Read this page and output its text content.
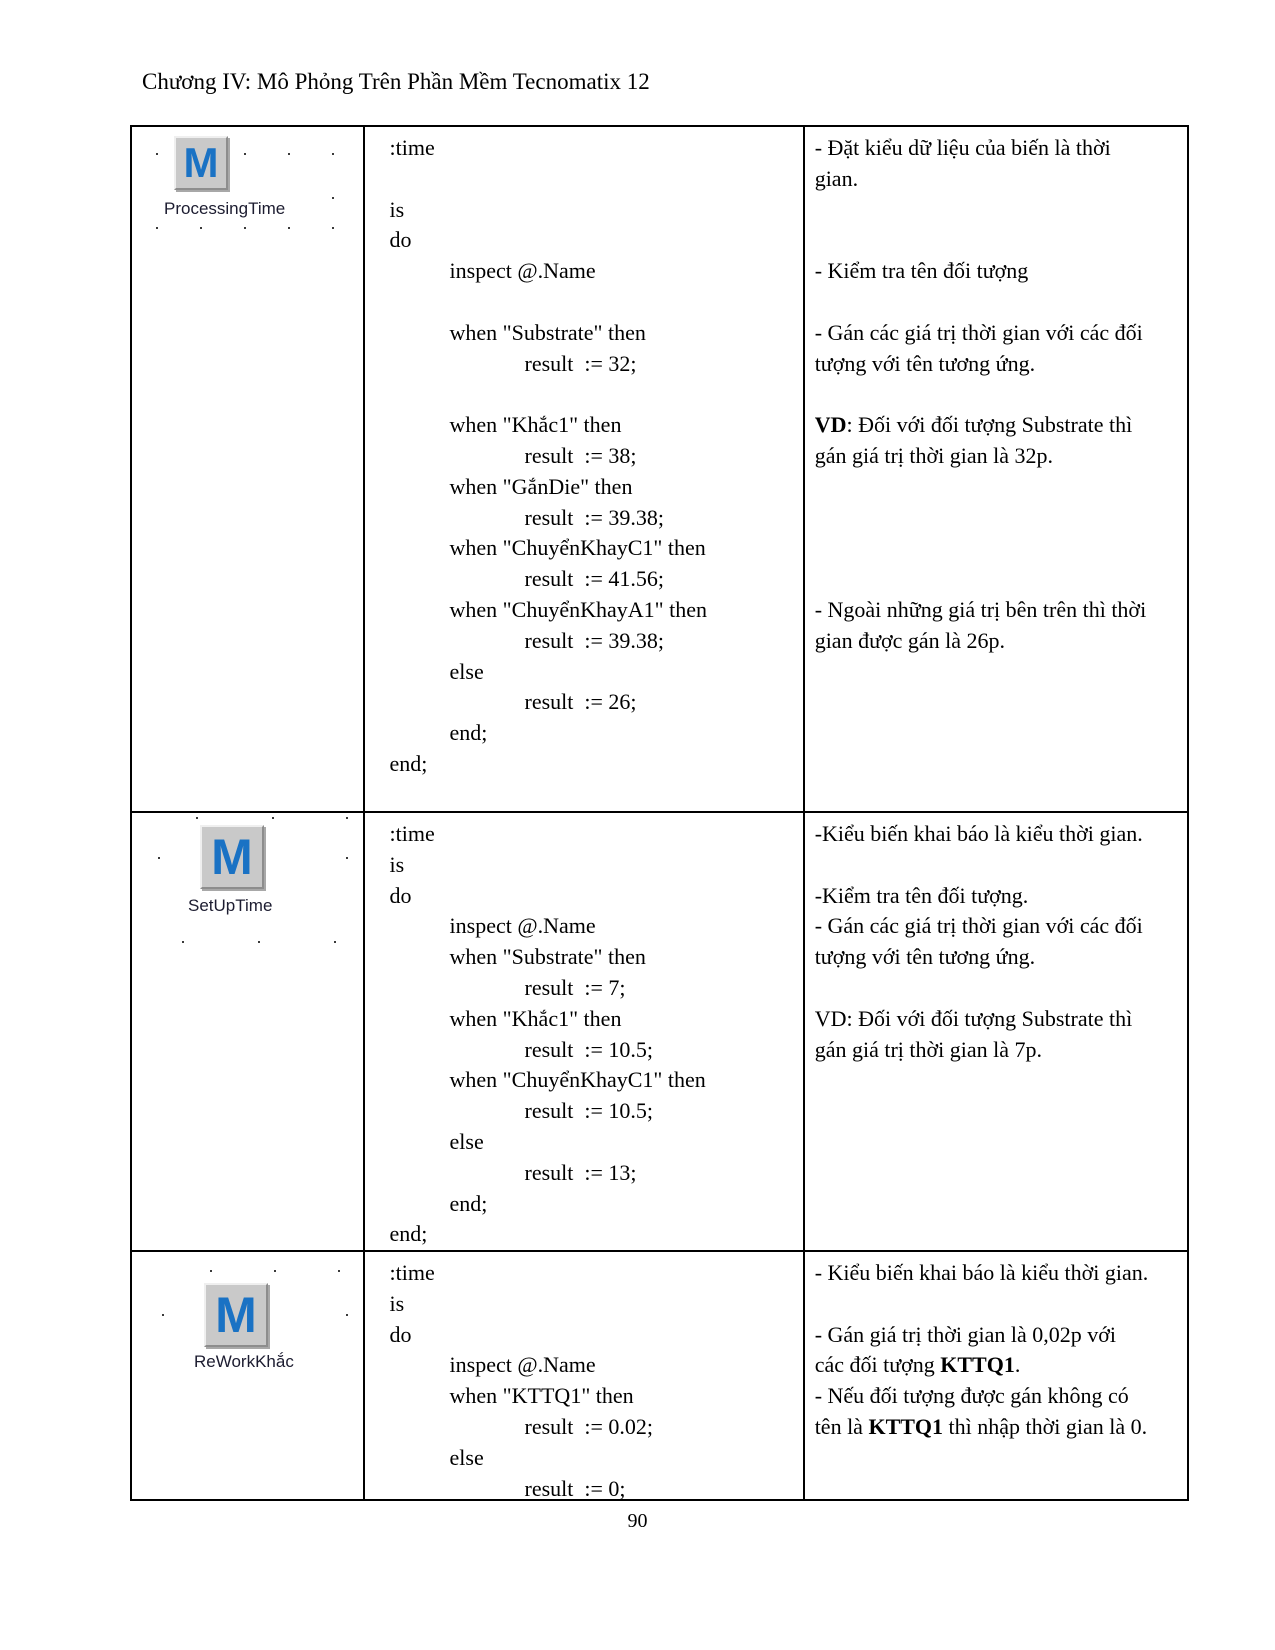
Chương IV: Mô Phỏng Trên Phần Mềm Tecnomatix 12
M
ProcessingTime
:time
is
do
inspect @.Name
when "Substrate" then
result  := 32;
when "Khắc1" then
result  := 38;
when "GắnDie" then
result  := 39.38;
when "ChuyểnKhayC1" then
result  := 41.56;
when "ChuyểnKhayA1" then
result  := 39.38;
else
result  := 26;
end;
end;

- Đặt kiểu dữ liệu của biến là thời gian.

- Kiểm tra tên đối tượng

- Gán các giá trị thời gian với các đối tượng với tên tương ứng.

VD: Đối với đối tượng Substrate thì gán giá trị thời gian là 32p.

- Ngoài những giá trị bên trên thì thời gian được gán là 26p.

M
SetUpTime
:time
is
do
inspect @.Name
when "Substrate" then
result  := 7;
when "Khắc1" then
result  := 10.5;
when "ChuyểnKhayC1" then
result  := 10.5;
else
result  := 13;
end;
end;

-Kiểu biến khai báo là kiểu thời gian.

-Kiểm tra tên đối tượng.

- Gán các giá trị thời gian với các đối tượng với tên tương ứng.

VD: Đối với đối tượng Substrate thì gán giá trị thời gian là 7p.

M
ReWorkKhắc
:time
is
do
inspect @.Name
when "KTTQ1" then
result  := 0.02;
else
result  := 0;

- Kiểu biến khai báo là kiểu thời gian.

- Gán giá trị thời gian là 0,02p với các đối tượng KTTQ1.

- Nếu đối tượng được gán không có tên là KTTQ1 thì nhập thời gian là 0.

90
